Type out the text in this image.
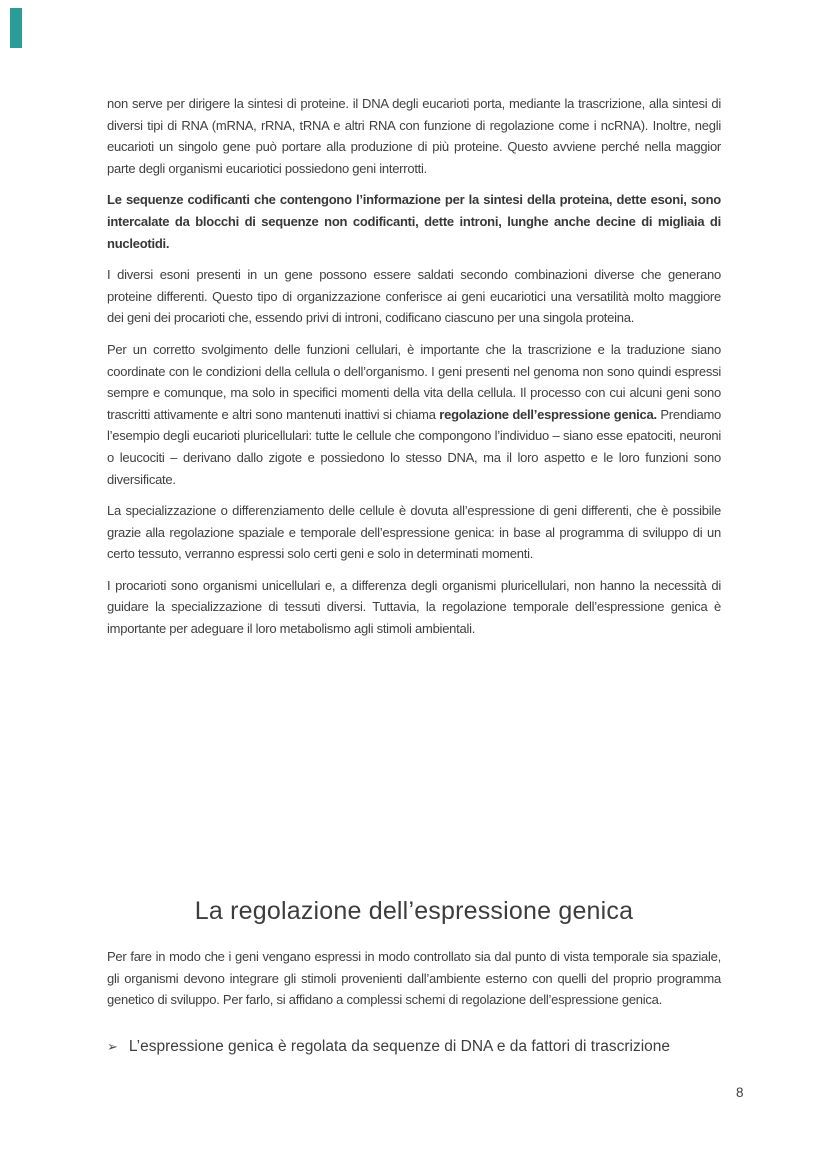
non serve per dirigere la sintesi di proteine. il DNA degli eucarioti porta, mediante la trascrizione, alla sintesi di diversi tipi di RNA (mRNA, rRNA, tRNA e altri RNA con funzione di regolazione come i ncRNA). Inoltre, negli eucarioti un singolo gene può portare alla produzione di più proteine. Questo avviene perché nella maggior parte degli organismi eucariotici possiedono geni interrotti.

Le sequenze codificanti che contengono l’informazione per la sintesi della proteina, dette esoni, sono intercalate da blocchi di sequenze non codificanti, dette introni, lunghe anche decine di migliaia di nucleotidi.

I diversi esoni presenti in un gene possono essere saldati secondo combinazioni diverse che generano proteine differenti. Questo tipo di organizzazione conferisce ai geni eucariotici una versatilità molto maggiore dei geni dei procarioti che, essendo privi di introni, codificano ciascuno per una singola proteina.

Per un corretto svolgimento delle funzioni cellulari, è importante che la trascrizione e la traduzione siano coordinate con le condizioni della cellula o dell’organismo. I geni presenti nel genoma non sono quindi espressi sempre e comunque, ma solo in specifici momenti della vita della cellula. Il processo con cui alcuni geni sono trascritti attivamente e altri sono mantenuti inattivi si chiama regolazione dell’espressione genica. Prendiamo l’esempio degli eucarioti pluricellulari: tutte le cellule che compongono l’individuo – siano esse epatociti, neuroni o leucociti – derivano dallo zigote e possiedono lo stesso DNA, ma il loro aspetto e le loro funzioni sono diversificate.

La specializzazione o differenziamento delle cellule è dovuta all’espressione di geni differenti, che è possibile grazie alla regolazione spaziale e temporale dell’espressione genica: in base al programma di sviluppo di un certo tessuto, verranno espressi solo certi geni e solo in determinati momenti.

I procarioti sono organismi unicellulari e, a differenza degli organismi pluricellulari, non hanno la necessità di guidare la specializzazione di tessuti diversi. Tuttavia, la regolazione temporale dell’espressione genica è importante per adeguare il loro metabolismo agli stimoli ambientali.

La regolazione dell’espressione genica

Per fare in modo che i geni vengano espressi in modo controllato sia dal punto di vista temporale sia spaziale, gli organismi devono integrare gli stimoli provenienti dall’ambiente esterno con quelli del proprio programma genetico di sviluppo. Per farlo, si affidano a complessi schemi di regolazione dell’espressione genica.

➢ L’espressione genica è regolata da sequenze di DNA e da fattori di trascrizione
8
